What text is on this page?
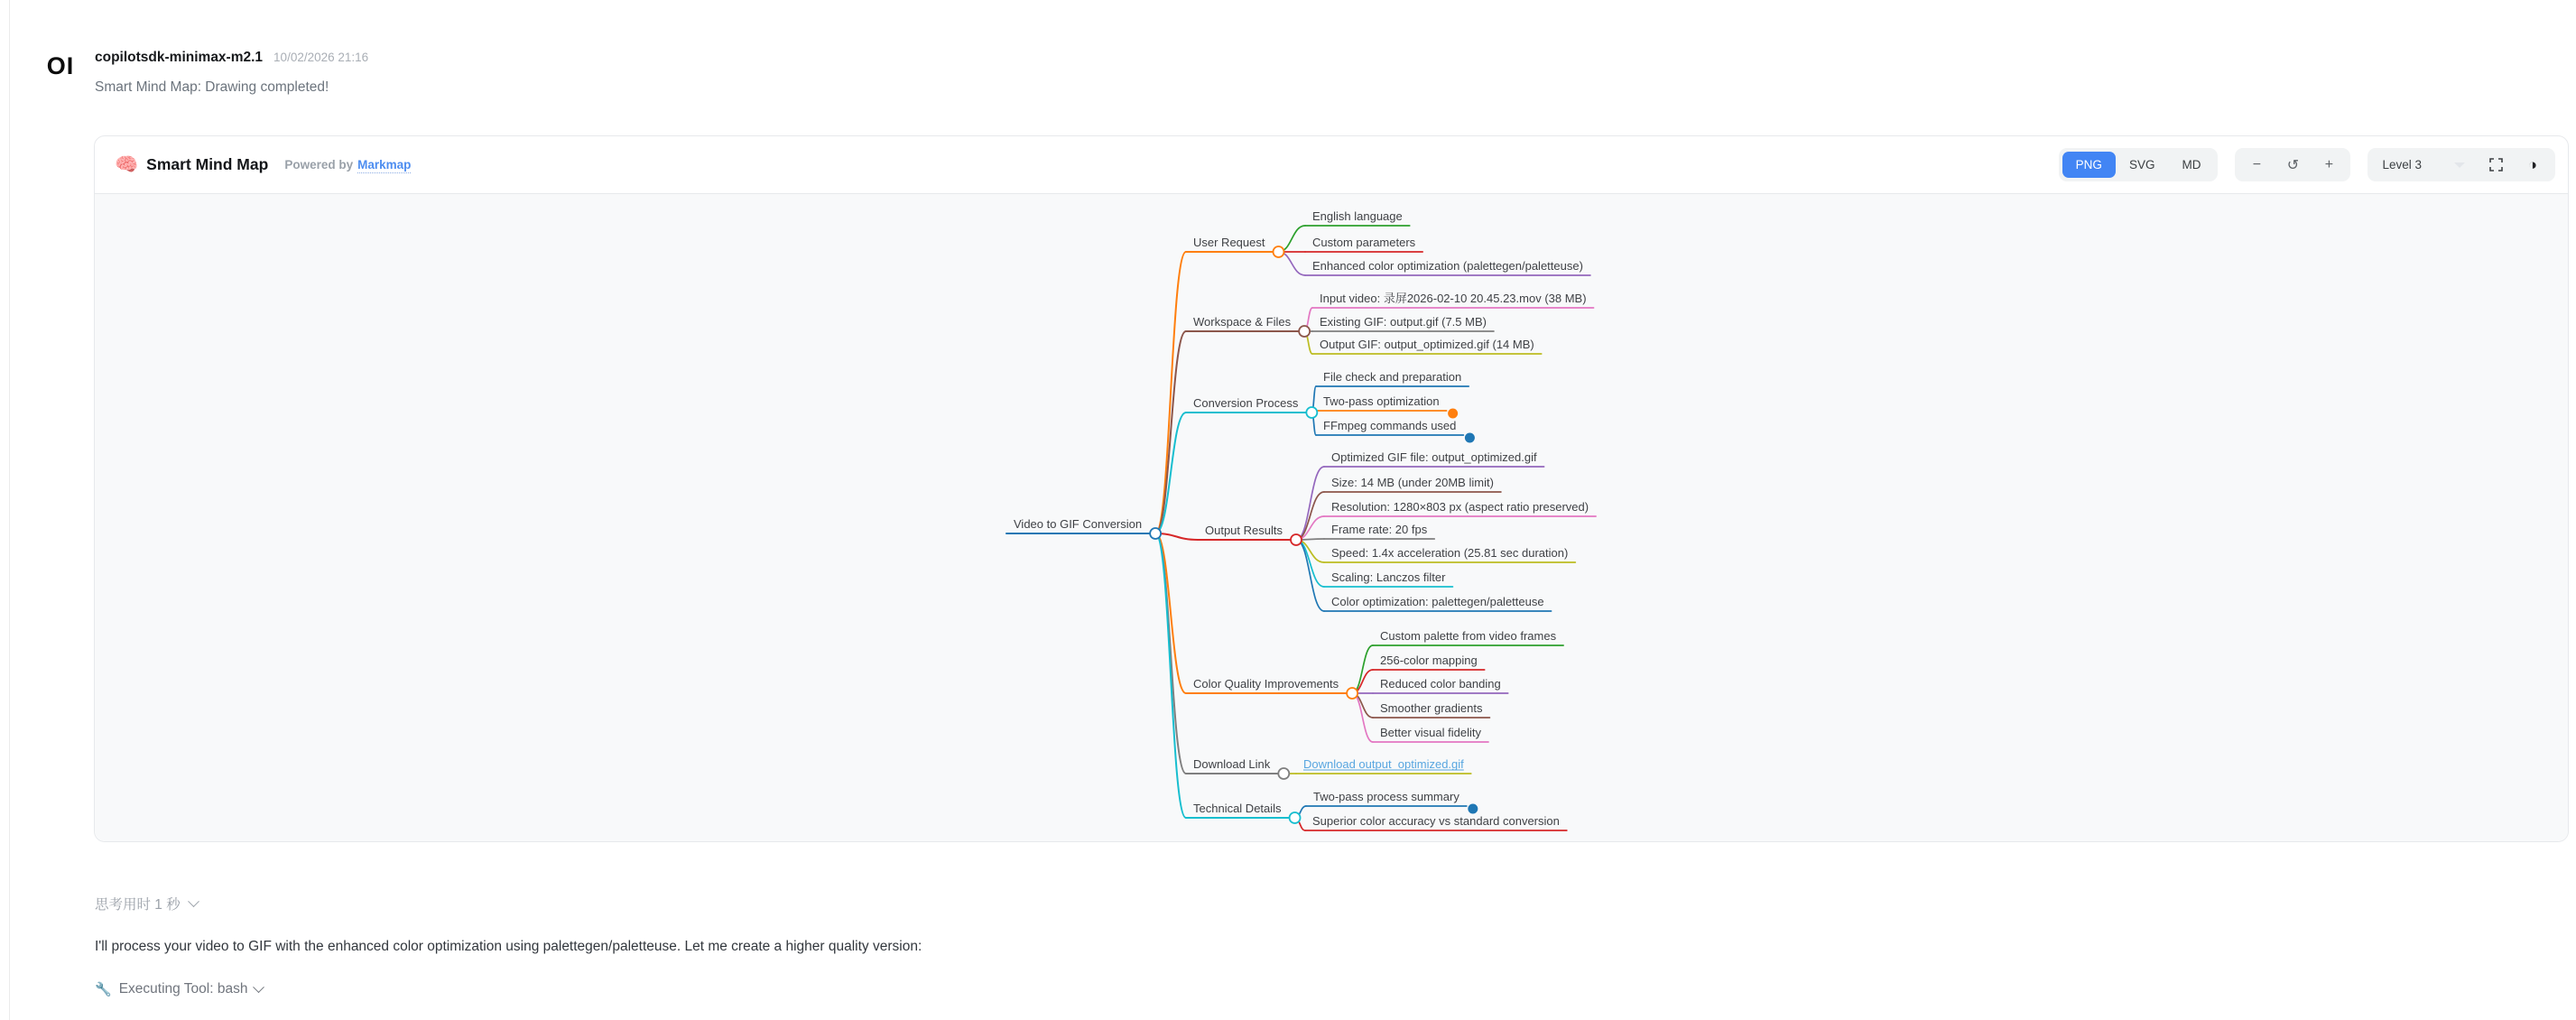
OI	copilotsdk-minimax-m2.1 10/02/2026 21:16
Smart Mind Map: Drawing completed!
🧠 Smart Mind Map Powered by Markmap	PNG	SVG	MD	−	↺	+	Level 3	◑
Video to GIF Conversion
User Request
English language
Custom parameters
Enhanced color optimization (palettegen/paletteuse)
Workspace & Files
Input video: 录屏2026-02-10 20.45.23.mov (38 MB)
Existing GIF: output.gif (7.5 MB)
Output GIF: output_optimized.gif (14 MB)
Conversion Process
File check and preparation
Two-pass optimization
FFmpeg commands used
Output Results
Optimized GIF file: output_optimized.gif
Size: 14 MB (under 20MB limit)
Resolution: 1280×803 px (aspect ratio preserved)
Frame rate: 20 fps
Speed: 1.4x acceleration (25.81 sec duration)
Scaling: Lanczos filter
Color optimization: palettegen/paletteuse
Color Quality Improvements
Custom palette from video frames
256-color mapping
Reduced color banding
Smoother gradients
Better visual fidelity
Download Link	Download output_optimized.gif
Technical Details
Two-pass process summary
Superior color accuracy vs standard conversion
思考用时 1 秒
I'll process your video to GIF with the enhanced color optimization using palettegen/paletteuse. Let me create a higher quality version:
🔧 Executing Tool: bash
